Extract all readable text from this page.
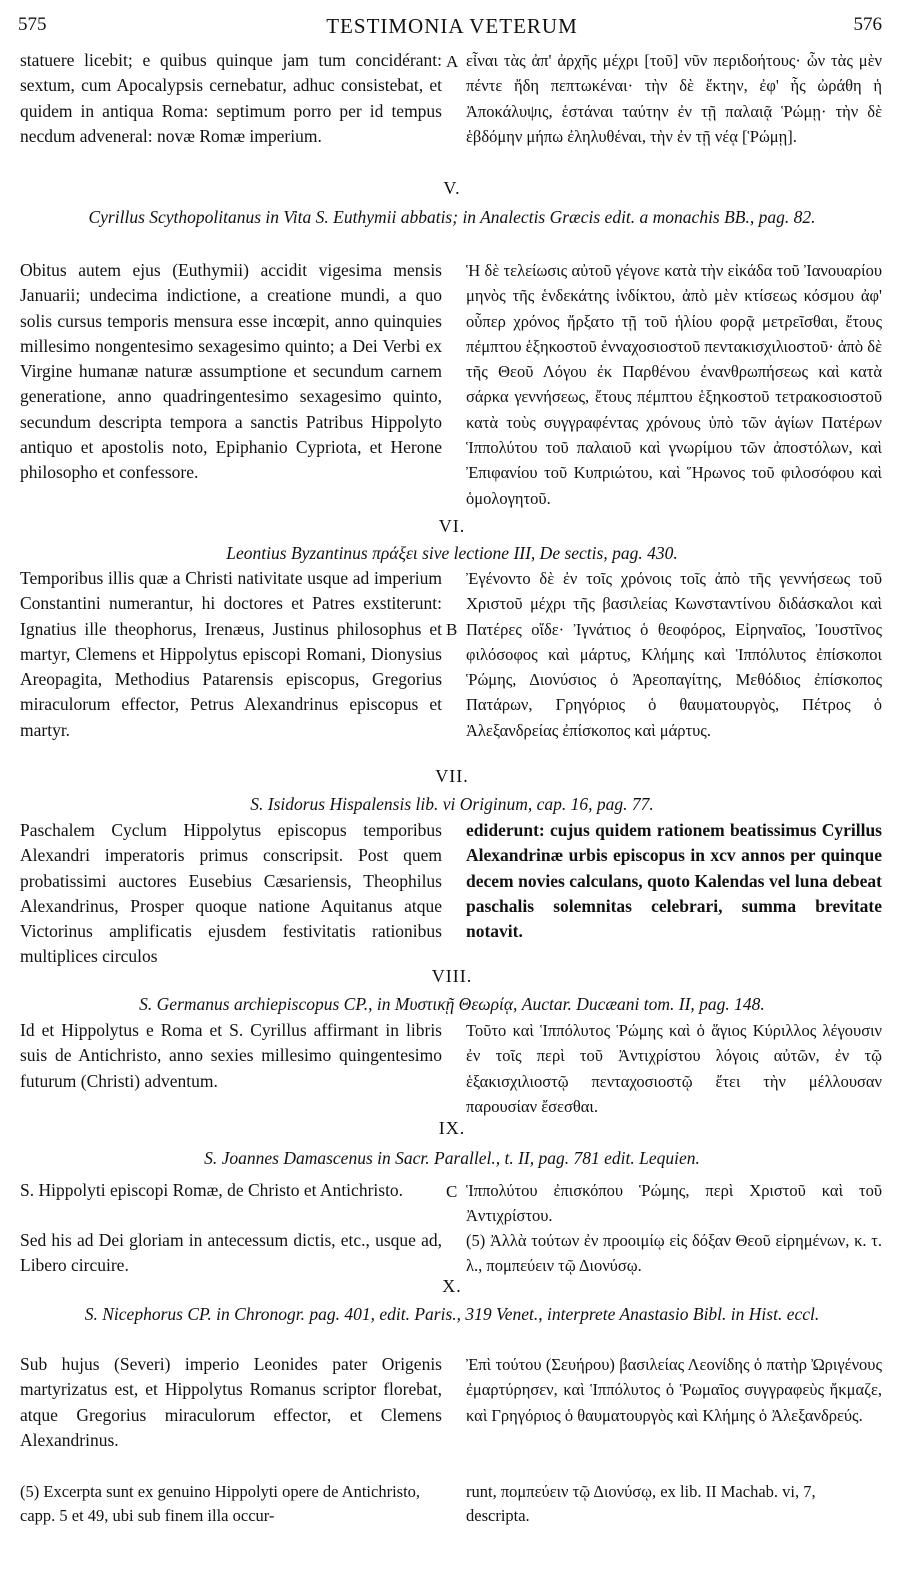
575	TESTIMONIA VETERUM	576
statuere licebit; e quibus quinque jam tum concidérant: sextum, cum Apocalypsis cernebatur, adhuc consistebat, et quidem in antiqua Roma: septimum porro per id tempus necdum adveneral: novæ Romæ imperium.
A εἶναι τὰς ἀπ' ἀρχῆς μέχρι [τοῦ] νῦν περιδοήτους· ὧν τὰς μὲν πέντε ἤδη πεπτωκέναι· τὴν δὲ ἕκτην, ἐφ' ἧς ὠράθη ἡ Ἀποκάλυψις, ἑστάναι ταύτην ἐν τῇ παλαιᾷ Ῥώμῃ· τὴν δὲ ἑβδόμην μήπω ἐληλυθέναι, τὴν ἐν τῇ νέᾳ [Ῥώμῃ].
V.
Cyrillus Scythopolitanus in Vita S. Euthymii abbatis; in Analectis Græcis edit. a monachis BB., pag. 82.
Obitus autem ejus (Euthymii) accidit vigesima mensis Januarii; undecima indictione, a creatione mundi, a quo solis cursus temporis mensura esse incœpit, anno quinquies millesimo nongentesimo sexagesimo quinto; a Dei Verbi ex Virgine humanæ naturæ assumptione et secundum carnem generatione, anno quadringentesimo sexagesimo quinto, secundum descripta tempora a sanctis Patribus Hippolyto antiquo et apostolis noto, Epiphanio Cypriota, et Herone philosopho et confessore.
Ἡ δὲ τελείωσις αὐτοῦ γέγονε κατὰ τὴν εἰκάδα τοῦ Ἰανουαρίου μηνὸς τῆς ἑνδεκάτης ἰνδίκτου, ἀπὸ μὲν κτίσεως κόσμου ἀφ' οὗπερ χρόνος ἤρξατο τῇ τοῦ ἡλίου φορᾷ μετρεῖσθαι, ἔτους πέμπτου ἑξηκοστοῦ ἐνναχοσιοστοῦ πεντακισχιλιοστοῦ· ἀπὸ δὲ τῆς Θεοῦ Λόγου ἐκ Παρθένου ἐνανθρωπήσεως καὶ κατὰ σάρκα γεννήσεως, ἔτους πέμπτου ἑξηκοστοῦ τετρακοσιοστοῦ κατὰ τοὺς συγγραφέντας χρόνους ὑπὸ τῶν ἁγίων Πατέρων Ἱππολύτου τοῦ παλαιοῦ καὶ γνωρίμου τῶν ἀποστόλων, καὶ Ἐπιφανίου τοῦ Κυπριώτου, καὶ Ἥρωνος τοῦ φιλοσόφου καὶ ὁμολογητοῦ.
VI.
Leontius Byzantinus πράξει sive lectione III, De sectis, pag. 430.
Temporibus illis quæ a Christi nativitate usque ad imperium Constantini numerantur, hi doctores et Patres exstiterunt: Ignatius ille theophorus, Irenæus, Justinus philosophus et martyr, Clemens et Hippolytus episcopi Romani, Dionysius Areopagita, Methodius Patarensis episcopus, Gregorius miraculorum effector, Petrus Alexandrinus episcopus et martyr.
B
Ἐγένοντο δὲ ἐν τοῖς χρόνοις τοῖς ἀπὸ τῆς γεννήσεως τοῦ Χριστοῦ μέχρι τῆς βασιλείας Κωνσταντίνου διδάσκαλοι καὶ Πατέρες οἴδε· Ἰγνάτιος ὁ θεοφόρος, Εἰρηναῖος, Ἰουστῖνος φιλόσοφος καὶ μάρτυς, Κλήμης καὶ Ἱππόλυτος ἐπίσκοποι Ῥώμης, Διονύσιος ὁ Ἀρεοπαγίτης, Μεθόδιος ἐπίσκοπος Πατάρων, Γρηγόριος ὁ θαυματουργὸς, Πέτρος ὁ Ἀλεξανδρείας ἐπίσκοπος καὶ μάρτυς.
VII.
S. Isidorus Hispalensis lib. vi Originum, cap. 16, pag. 77.
Paschalem Cyclum Hippolytus episcopus temporibus Alexandri imperatoris primus conscripsit. Post quem probatissimi auctores Eusebius Cæsariensis, Theophilus Alexandrinus, Prosper quoque natione Aquitanus atque Victorinus amplificatis ejusdem festivitatis rationibus multiplices circulos
ediderunt: cujus quidem rationem beatissimus Cyrillus Alexandrinæ urbis episcopus in xcv annos per quinque decem novies calculans, quoto Kalendas vel luna debeat paschalis solemnitas celebrari, summa brevitate notavit.
VIII.
S. Germanus archiepiscopus CP., in Μυστικῇ Θεωρίᾳ, Auctar. Ducæani tom. II, pag. 148.
Id et Hippolytus e Roma et S. Cyrillus affirmant in libris suis de Antichristo, anno sexies millesimo quingentesimo futurum (Christi) adventum.
Τοῦτο καὶ Ἱππόλυτος Ῥώμης καὶ ὁ ἅγιος Κύριλλος λέγουσιν ἐν τοῖς περὶ τοῦ Ἀντιχρίστου λόγοις αὐτῶν, ἐν τῷ ἑξακισχιλιοστῷ πενταχοσιοστῷ ἔτει τὴν μέλλουσαν παρουσίαν ἔσεσθαι.
IX.
S. Joannes Damascenus in Sacr. Parallel., t. II, pag. 781 edit. Lequien.
S. Hippolyti episcopi Romæ, de Christo et Antichristo.
Sed his ad Dei gloriam in antecessum dictis, etc., usque ad, Libero circuire.
C Ἱππολύτου ἐπισκόπου Ῥώμης, περὶ Χριστοῦ καὶ τοῦ Ἀντιχρίστου.
(5) Ἀλλὰ τούτων ἐν προοιμίῳ εἰς δόξαν Θεοῦ εἰρημένων, κ. τ. λ., πομπεύειν τῷ Διονύσῳ.
X.
S. Nicephorus CP. in Chronogr. pag. 401, edit. Paris., 319 Venet., interprete Anastasio Bibl. in Hist. eccl.
Sub hujus (Severi) imperio Leonides pater Origenis martyrizatus est, et Hippolytus Romanus scriptor florebat, atque Gregorius miraculorum effector, et Clemens Alexandrinus.
Ἐπὶ τούτου (Σευήρου) βασιλείας Λεονίδης ὁ πατὴρ Ὠριγένους ἐμαρτύρησεν, καὶ Ἱππόλυτος ὁ Ῥωμαῖος συγγραφεὺς ἤκμαζε, καὶ Γρηγόριος ὁ θαυματουργὸς καὶ Κλήμης ὁ Ἀλεξανδρεύς.
(5) Excerpta sunt ex genuino Hippolyti opere de Antichristo, capp. 5 et 49, ubi sub finem illa occur-
runt, πομπεύειν τῷ Διονύσῳ, ex lib. II Machab. vi, 7, descripta.
